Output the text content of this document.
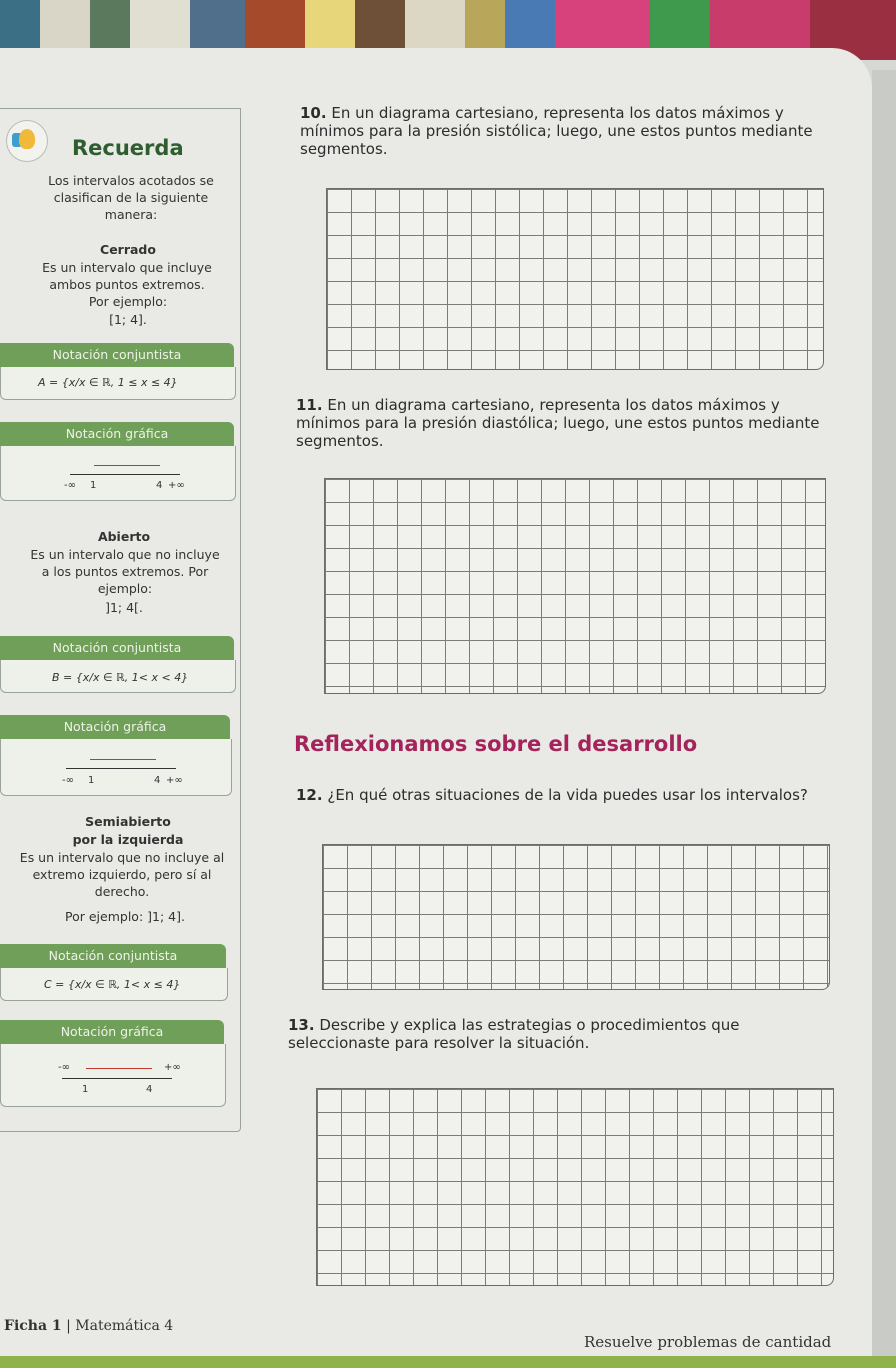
Recuerda
Los intervalos acotados se clasifican de la siguiente manera:
Cerrado
Es un intervalo que incluye ambos puntos extremos.
Por ejemplo:
[1; 4].
Notación conjuntista
A = {x/x ∈ ℝ, 1 ≤ x ≤ 4}
Notación gráfica
-∞ 1	4 +∞
Abierto
Es un intervalo que no incluye a los puntos extremos. Por ejemplo:
]1; 4[.
Notación conjuntista
B = {x/x ∈ ℝ, 1< x < 4}
Notación gráfica
-∞ 1	4 +∞
Semiabierto
por la izquierda
Es un intervalo que no incluye al extremo izquierdo, pero sí al derecho.
Por ejemplo: ]1; 4].
Notación conjuntista
C = {x/x ∈ ℝ, 1< x ≤ 4}
Notación gráfica
-∞	+∞
1	4
10. En un diagrama cartesiano, representa los datos máximos y mínimos para la presión sistólica; luego, une estos puntos mediante segmentos.
11. En un diagrama cartesiano, representa los datos máximos y mínimos para la presión diastólica; luego, une estos puntos mediante segmentos.
Reflexionamos sobre el desarrollo
12. ¿En qué otras situaciones de la vida puedes usar los intervalos?
13. Describe y explica las estrategias o procedimientos que seleccionaste para resolver la situación.
Ficha 1 | Matemática 4
Resuelve problemas de cantidad
